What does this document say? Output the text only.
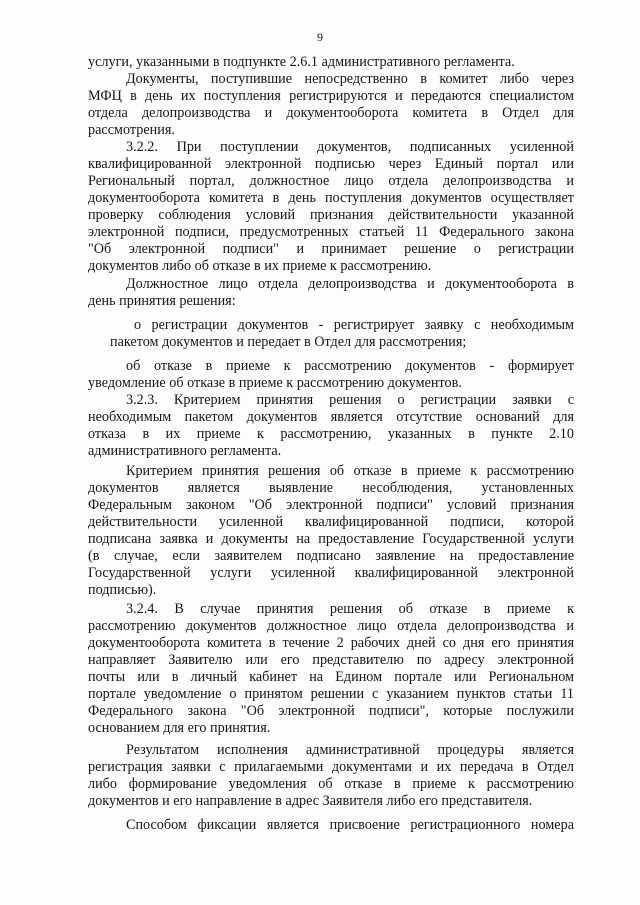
9
услуги, указанными в подпункте 2.6.1 административного регламента.
Документы, поступившие непосредственно в комитет либо через
МФЦ в день их поступления регистрируются и передаются специалистом
отдела делопроизводства и документооборота комитета в Отдел для
рассмотрения.
3.2.2. При поступлении документов, подписанных усиленной
квалифицированной электронной подписью через Единый портал или
Региональный портал, должностное лицо отдела делопроизводства и
документооборота комитета в день поступления документов осуществляет
проверку соблюдения условий признания действительности указанной
электронной подписи, предусмотренных статьей 11 Федерального закона
"Об электронной подписи" и принимает решение о регистрации
документов либо об отказе в их приеме к рассмотрению.
Должностное лицо отдела делопроизводства и документооборота в
день принятия решения:
о регистрации документов - регистрирует заявку с необходимым
пакетом документов и передает в Отдел для рассмотрения;
об отказе в приеме к рассмотрению документов - формирует
уведомление об отказе в приеме к рассмотрению документов.
3.2.3. Критерием принятия решения о регистрации заявки с
необходимым пакетом документов является отсутствие оснований для
отказа в их приеме к рассмотрению, указанных в пункте 2.10
административного регламента.
Критерием принятия решения об отказе в приеме к рассмотрению
документов является выявление несоблюдения, установленных
Федеральным законом "Об электронной подписи" условий признания
действительности усиленной квалифицированной подписи, которой
подписана заявка и документы на предоставление Государственной услуги
(в случае, если заявителем подписано заявление на предоставление
Государственной услуги усиленной квалифицированной электронной
подписью).
3.2.4. В случае принятия решения об отказе в приеме к
рассмотрению документов должностное лицо отдела делопроизводства и
документооборота комитета в течение 2 рабочих дней со дня его принятия
направляет Заявителю или его представителю по адресу электронной
почты или в личный кабинет на Едином портале или Региональном
портале уведомление о принятом решении с указанием пунктов статьи 11
Федерального закона "Об электронной подписи", которые послужили
основанием для его принятия.
Результатом исполнения административной процедуры является
регистрация заявки с прилагаемыми документами и их передача в Отдел
либо формирование уведомления об отказе в приеме к рассмотрению
документов и его направление в адрес Заявителя либо его представителя.
Способом фиксации является присвоение регистрационного номера
